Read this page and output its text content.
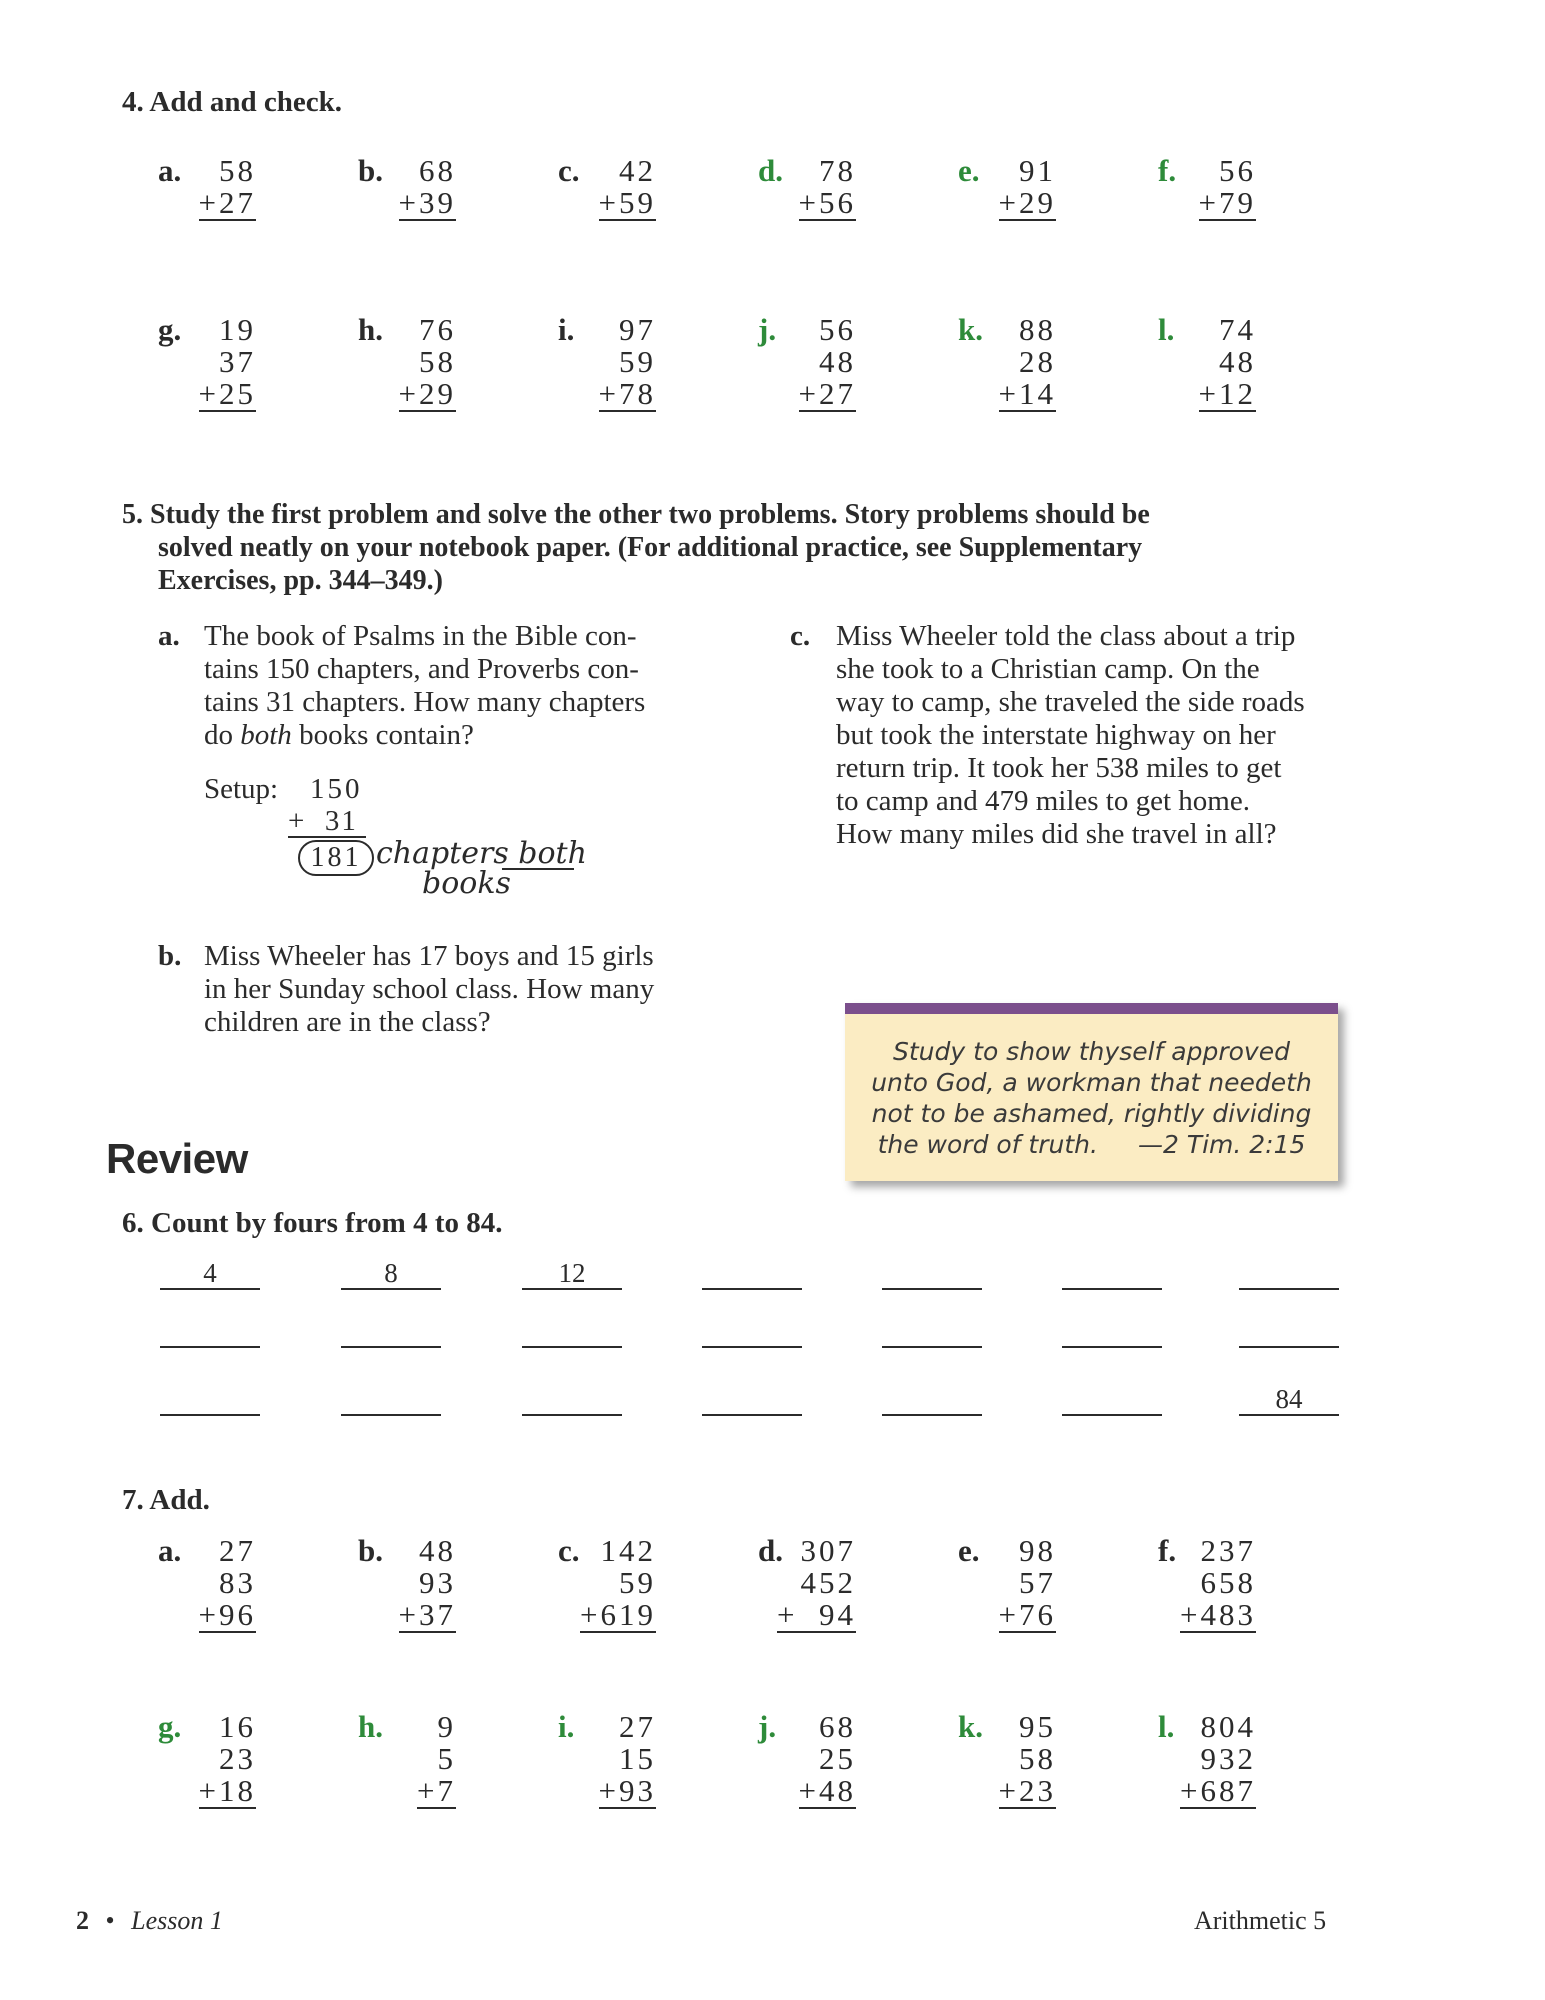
4. Add and check.
a.	58
+27
b.	68
+39
c.	42
+59
d.	78
+56
e.	91
+29
f.	56
+79
g.	19
37
+25
h.	76
58
+29
i.	97
59
+78
j.	56
48
+27
k.	88
28
+14
l.	74
48
+12
5. Study the first problem and solve the other two problems. Story problems should be
solved neatly on your notebook paper. (For additional practice, see Supplementary
Exercises, pp. 344–349.)
a. The book of Psalms in the Bible con-
tains 150 chapters, and Proverbs con-
tains 31 chapters. How many chapters
do both books contain?
Setup: 150
+  31
181 chapters both
books
b. Miss Wheeler has 17 boys and 15 girls
in her Sunday school class. How many
children are in the class?
c. Miss Wheeler told the class about a trip
she took to a Christian camp. On the
way to camp, she traveled the side roads
but took the interstate highway on her
return trip. It took her 538 miles to get
to camp and 479 miles to get home.
How many miles did she travel in all?
Study to show thyself approved
unto God, a workman that needeth
not to be ashamed, rightly dividing
the word of truth. —2 Tim. 2:15
Review
6. Count by fours from 4 to 84.
4	8	12
84
7. Add.
a.	27
83
+96
b.	48
93
+37
c. 142
59
+619
d. 307
452
+  94
e.	98
57
+76
f. 237
658
+483
g.	16
23
+18
h.	9
5
+7
i.	27
15
+93
j.	68
25
+48
k.	95
58
+23
l. 804
932
+687
2 • Lesson 1	Arithmetic 5
